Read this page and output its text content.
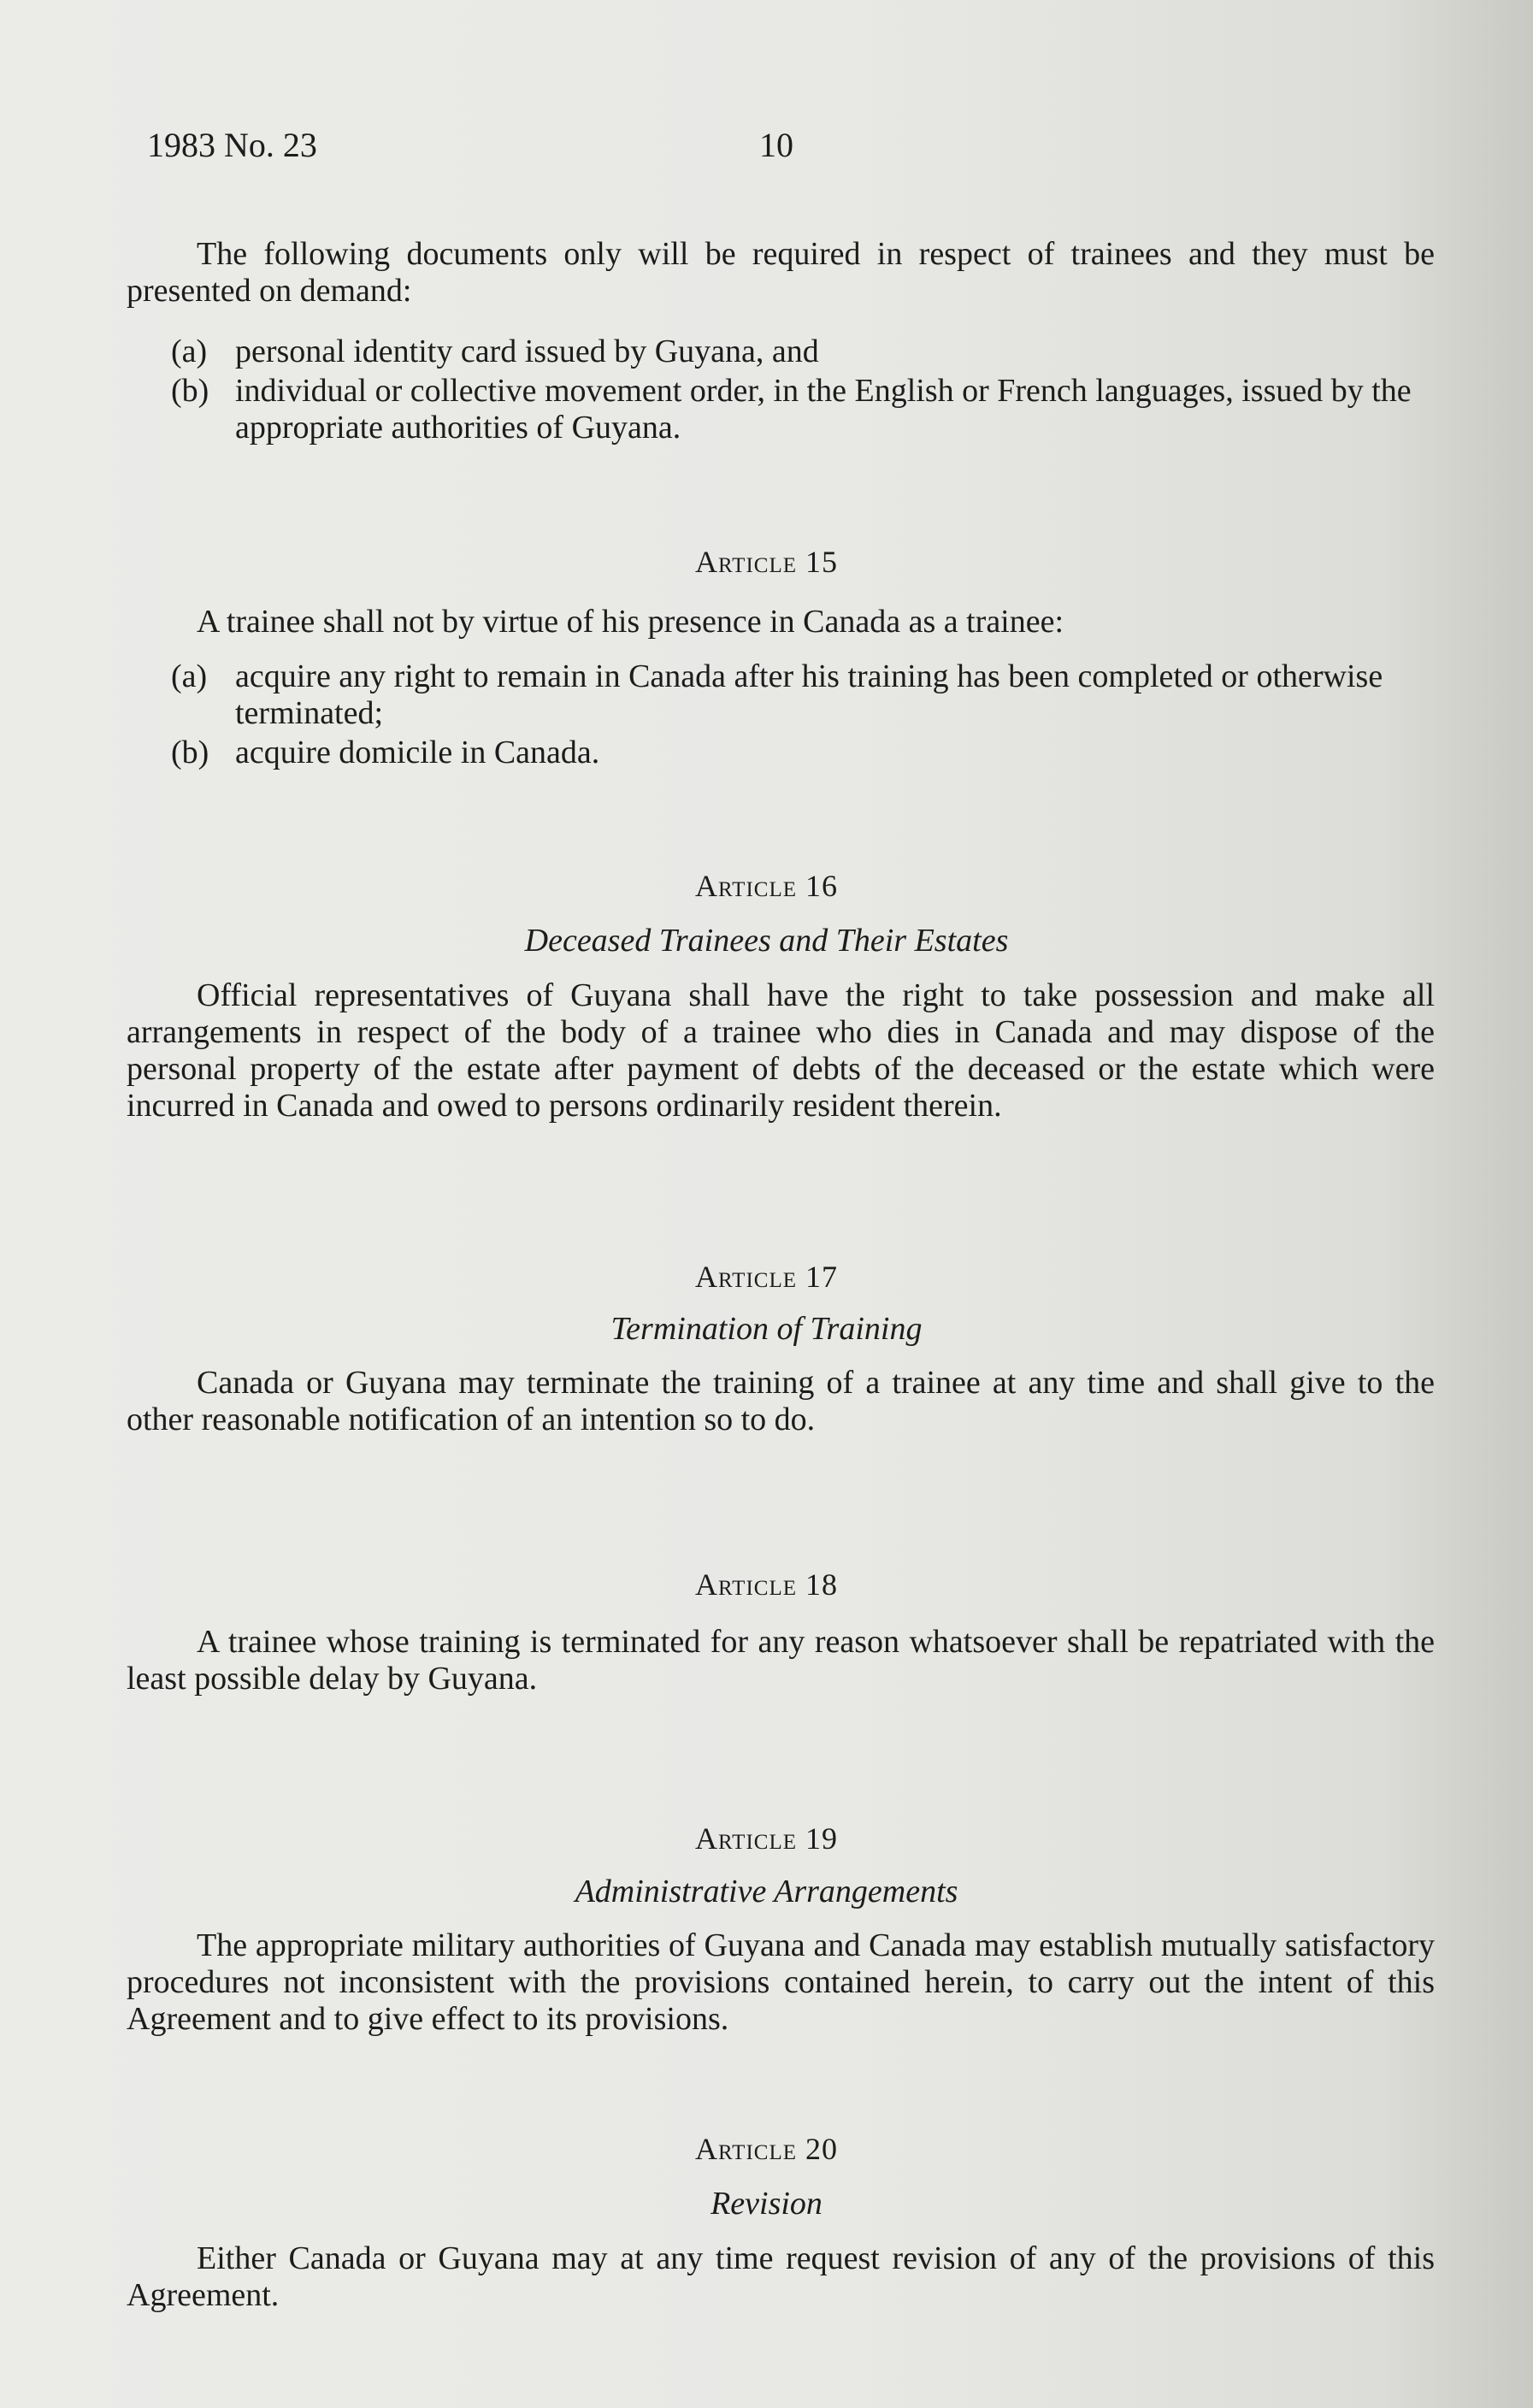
1983 No. 23	10
The following documents only will be required in respect of trainees and they must be presented on demand:
(a) personal identity card issued by Guyana, and
(b) individual or collective movement order, in the English or French languages, issued by the appropriate authorities of Guyana.
Article 15
A trainee shall not by virtue of his presence in Canada as a trainee:
(a) acquire any right to remain in Canada after his training has been completed or otherwise terminated;
(b) acquire domicile in Canada.
Article 16
Deceased Trainees and Their Estates
Official representatives of Guyana shall have the right to take possession and make all arrangements in respect of the body of a trainee who dies in Canada and may dispose of the personal property of the estate after payment of debts of the deceased or the estate which were incurred in Canada and owed to persons ordinarily resident therein.
Article 17
Termination of Training
Canada or Guyana may terminate the training of a trainee at any time and shall give to the other reasonable notification of an intention so to do.
Article 18
A trainee whose training is terminated for any reason whatsoever shall be repatriated with the least possible delay by Guyana.
Article 19
Administrative Arrangements
The appropriate military authorities of Guyana and Canada may establish mutually satisfactory procedures not inconsistent with the provisions contained herein, to carry out the intent of this Agreement and to give effect to its provisions.
Article 20
Revision
Either Canada or Guyana may at any time request revision of any of the provisions of this Agreement.
